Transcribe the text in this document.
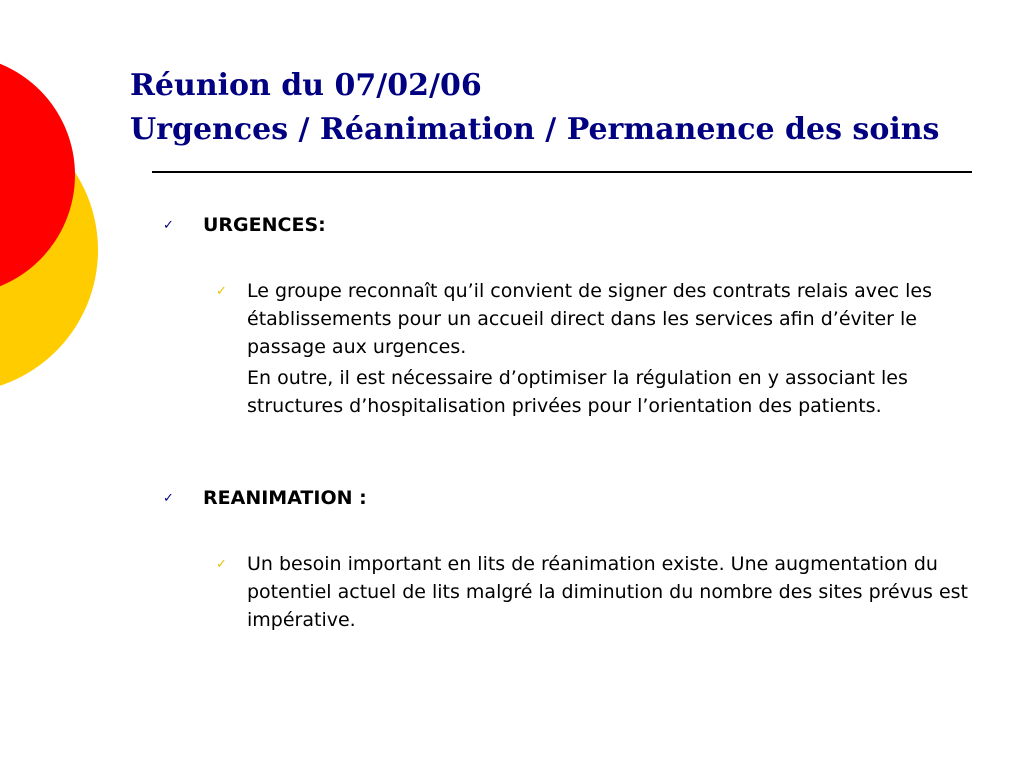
Réunion du 07/02/06
Urgences / Réanimation / Permanence des soins
✓ URGENCES:
✓ Le groupe reconnaît qu’il convient de signer des contrats relais avec les établissements pour un accueil direct dans les services afin d’éviter le passage aux urgences.
En outre, il est nécessaire d’optimiser la régulation en y associant les structures d’hospitalisation privées pour l’orientation des patients.
✓ REANIMATION :
✓ Un besoin important en lits de réanimation existe. Une augmentation du potentiel actuel de lits malgré la diminution du nombre des sites prévus est impérative.
